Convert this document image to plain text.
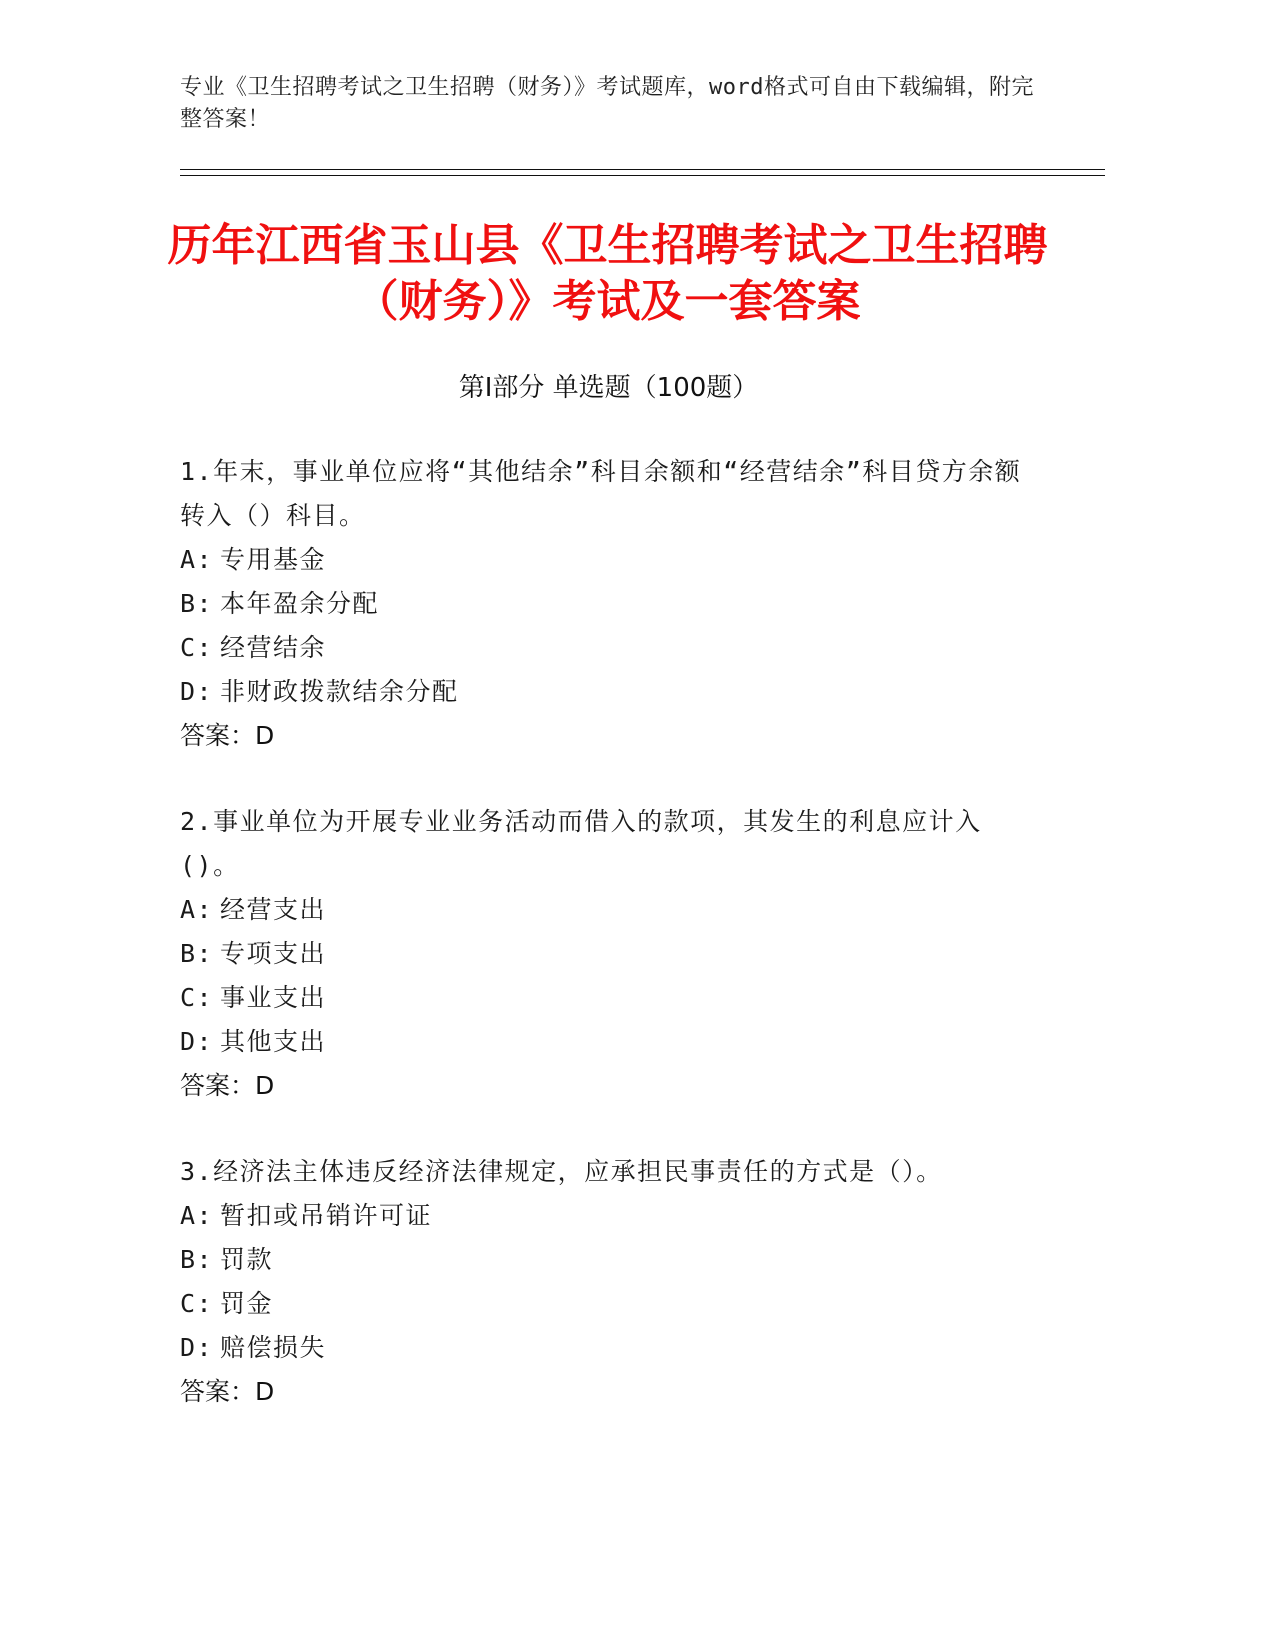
专业《卫生招聘考试之卫生招聘（财务）》考试题库，word格式可自由下载编辑，附完整答案！
历年江西省玉山县《卫生招聘考试之卫生招聘（财务）》考试及一套答案
第Ⅰ部分 单选题（100题）
1.年末，事业单位应将“其他结余”科目余额和“经营结余”科目贷方余额转入（）科目。
A: 专用基金
B: 本年盈余分配
C: 经营结余
D: 非财政拨款结余分配
答案：D
2.事业单位为开展专业业务活动而借入的款项，其发生的利息应计入()。
A: 经营支出
B: 专项支出
C: 事业支出
D: 其他支出
答案：D
3.经济法主体违反经济法律规定，应承担民事责任的方式是（）。
A: 暂扣或吊销许可证
B: 罚款
C: 罚金
D: 赔偿损失
答案：D
